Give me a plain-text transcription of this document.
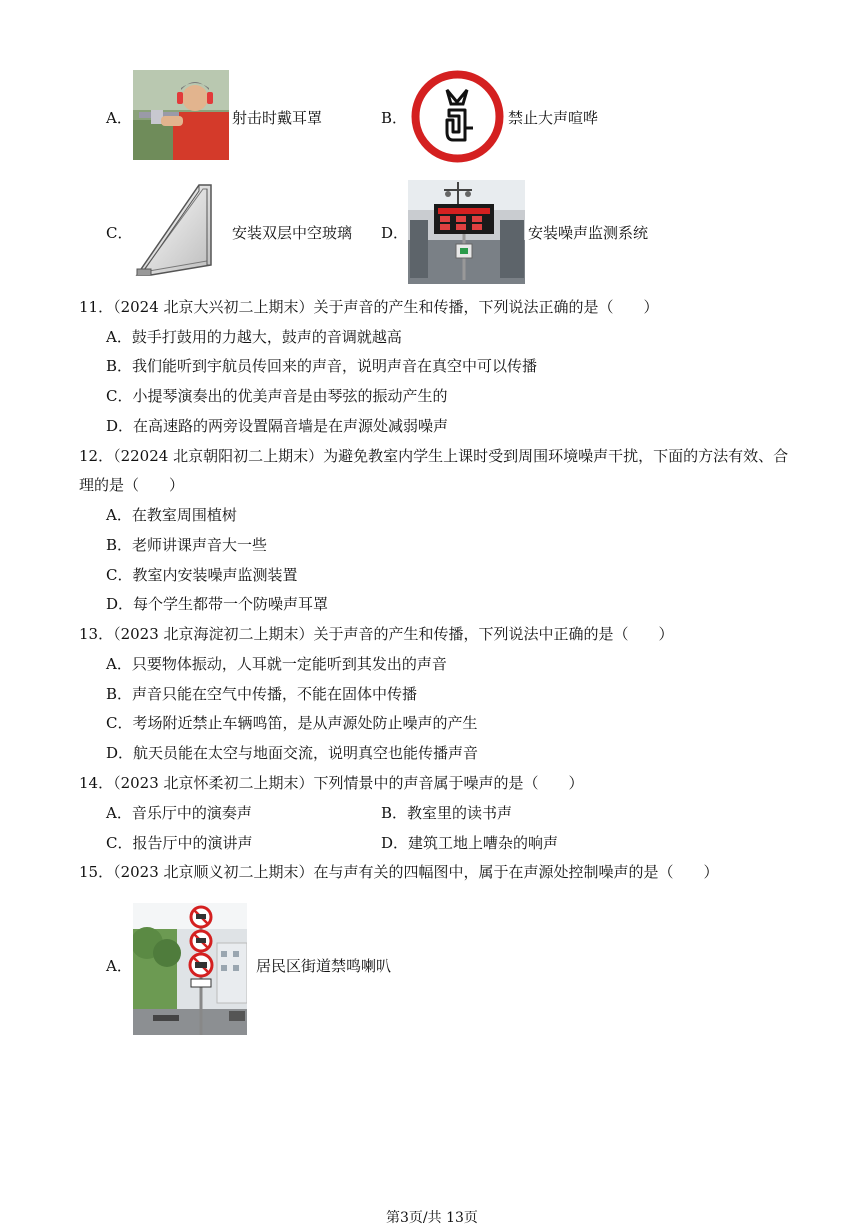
A．	射击时戴耳罩	B．	禁止大声喧哗
C．	安装双层中空玻璃 D．	安装噪声监测系统
11．（2024 北京大兴初二上期末）关于声音的产生和传播，下列说法正确的是（　　）
A．鼓手打鼓用的力越大，鼓声的音调就越高
B．我们能听到宇航员传回来的声音，说明声音在真空中可以传播
C．小提琴演奏出的优美声音是由琴弦的振动产生的
D．在高速路的两旁设置隔音墙是在声源处减弱噪声
12．（22024 北京朝阳初二上期末）为避免教室内学生上课时受到周围环境噪声干扰，下面的方法有效、合
理的是（　　）
A．在教室周围植树
B．老师讲课声音大一些
C．教室内安装噪声监测装置
D．每个学生都带一个防噪声耳罩
13．（2023 北京海淀初二上期末）关于声音的产生和传播，下列说法中正确的是（　　）
A．只要物体振动，人耳就一定能听到其发出的声音
B．声音只能在空气中传播，不能在固体中传播
C．考场附近禁止车辆鸣笛，是从声源处防止噪声的产生
D．航天员能在太空与地面交流，说明真空也能传播声音
14．（2023 北京怀柔初二上期末）下列情景中的声音属于噪声的是（　　）
A．音乐厅中的演奏声	B．教室里的读书声
C．报告厅中的演讲声	D．建筑工地上嘈杂的响声
15．（2023 北京顺义初二上期末）在与声有关的四幅图中，属于在声源处控制噪声的是（　　）
A．	居民区街道禁鸣喇叭
第3页/共 13页
